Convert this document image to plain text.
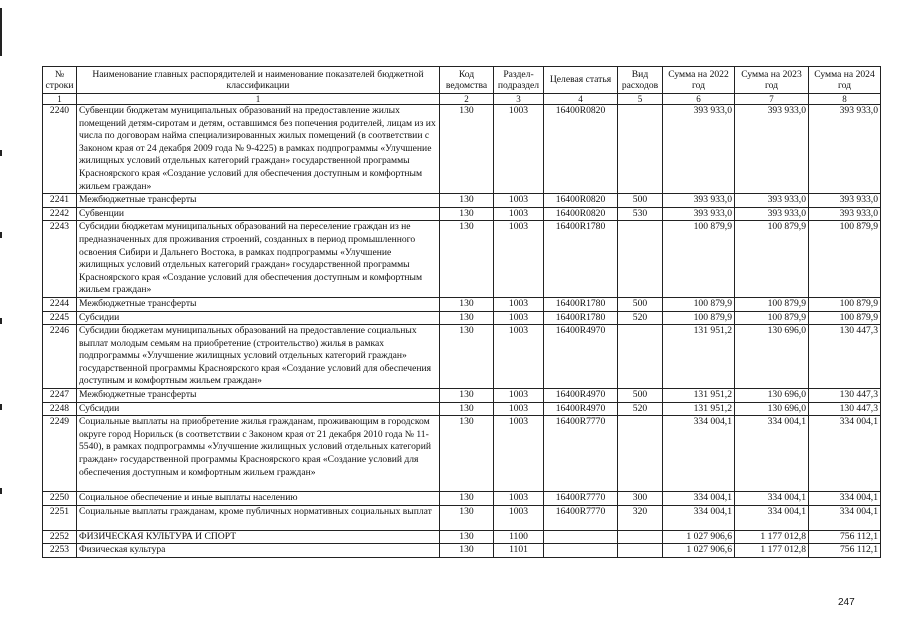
№ строки	Наименование главных распорядителей и наименование показателей бюджетной классификации	Код ведомства	Раздел-подраздел	Целевая статья	Вид расходов	Сумма на 2022 год	Сумма на 2023 год	Сумма на 2024 год
1	1	2	3	4	5	6	7	8
2240	Субвенции бюджетам муниципальных образований на предоставление жилых помещений детям-сиротам и детям, оставшимся без попечения родителей, лицам из их числа по договорам найма специализированных жилых помещений (в соответствии с Законом края от 24 декабря 2009 года № 9-4225) в рамках подпрограммы «Улучшение жилищных условий отдельных категорий граждан» государственной программы Красноярского края «Создание условий для обеспечения доступным и комфортным жильем граждан»	130	1003	16400R0820		393 933,0	393 933,0	393 933,0
2241	Межбюджетные трансферты	130	1003	16400R0820	500	393 933,0	393 933,0	393 933,0
2242	Субвенции	130	1003	16400R0820	530	393 933,0	393 933,0	393 933,0
2243	Субсидии бюджетам муниципальных образований на переселение граждан из не предназначенных для проживания строений, созданных в период промышленного освоения Сибири и Дальнего Востока, в рамках подпрограммы «Улучшение жилищных условий отдельных категорий граждан» государственной программы Красноярского края «Создание условий для обеспечения доступным и комфортным жильем граждан»	130	1003	16400R1780		100 879,9	100 879,9	100 879,9
2244	Межбюджетные трансферты	130	1003	16400R1780	500	100 879,9	100 879,9	100 879,9
2245	Субсидии	130	1003	16400R1780	520	100 879,9	100 879,9	100 879,9
2246	Субсидии бюджетам муниципальных образований на предоставление социальных выплат молодым семьям на приобретение (строительство) жилья в рамках подпрограммы «Улучшение жилищных условий отдельных категорий граждан» государственной программы Красноярского края «Создание условий для обеспечения доступным и комфортным жильем граждан»	130	1003	16400R4970		131 951,2	130 696,0	130 447,3
2247	Межбюджетные трансферты	130	1003	16400R4970	500	131 951,2	130 696,0	130 447,3
2248	Субсидии	130	1003	16400R4970	520	131 951,2	130 696,0	130 447,3
2249	Социальные выплаты на приобретение жилья гражданам, проживающим в городском округе город Норильск (в соответствии с Законом края от 21 декабря 2010 года № 11-5540), в рамках подпрограммы «Улучшение жилищных условий отдельных категорий граждан» государственной программы Красноярского края «Создание условий для обеспечения доступным и комфортным жильем граждан»	130	1003	16400R7770		334 004,1	334 004,1	334 004,1
2250	Социальное обеспечение и иные выплаты населению	130	1003	16400R7770	300	334 004,1	334 004,1	334 004,1
2251	Социальные выплаты гражданам, кроме публичных нормативных социальных выплат	130	1003	16400R7770	320	334 004,1	334 004,1	334 004,1
2252	ФИЗИЧЕСКАЯ КУЛЬТУРА И СПОРТ	130	1100			1 027 906,6	1 177 012,8	756 112,1
2253	Физическая культура	130	1101			1 027 906,6	1 177 012,8	756 112,1
247
